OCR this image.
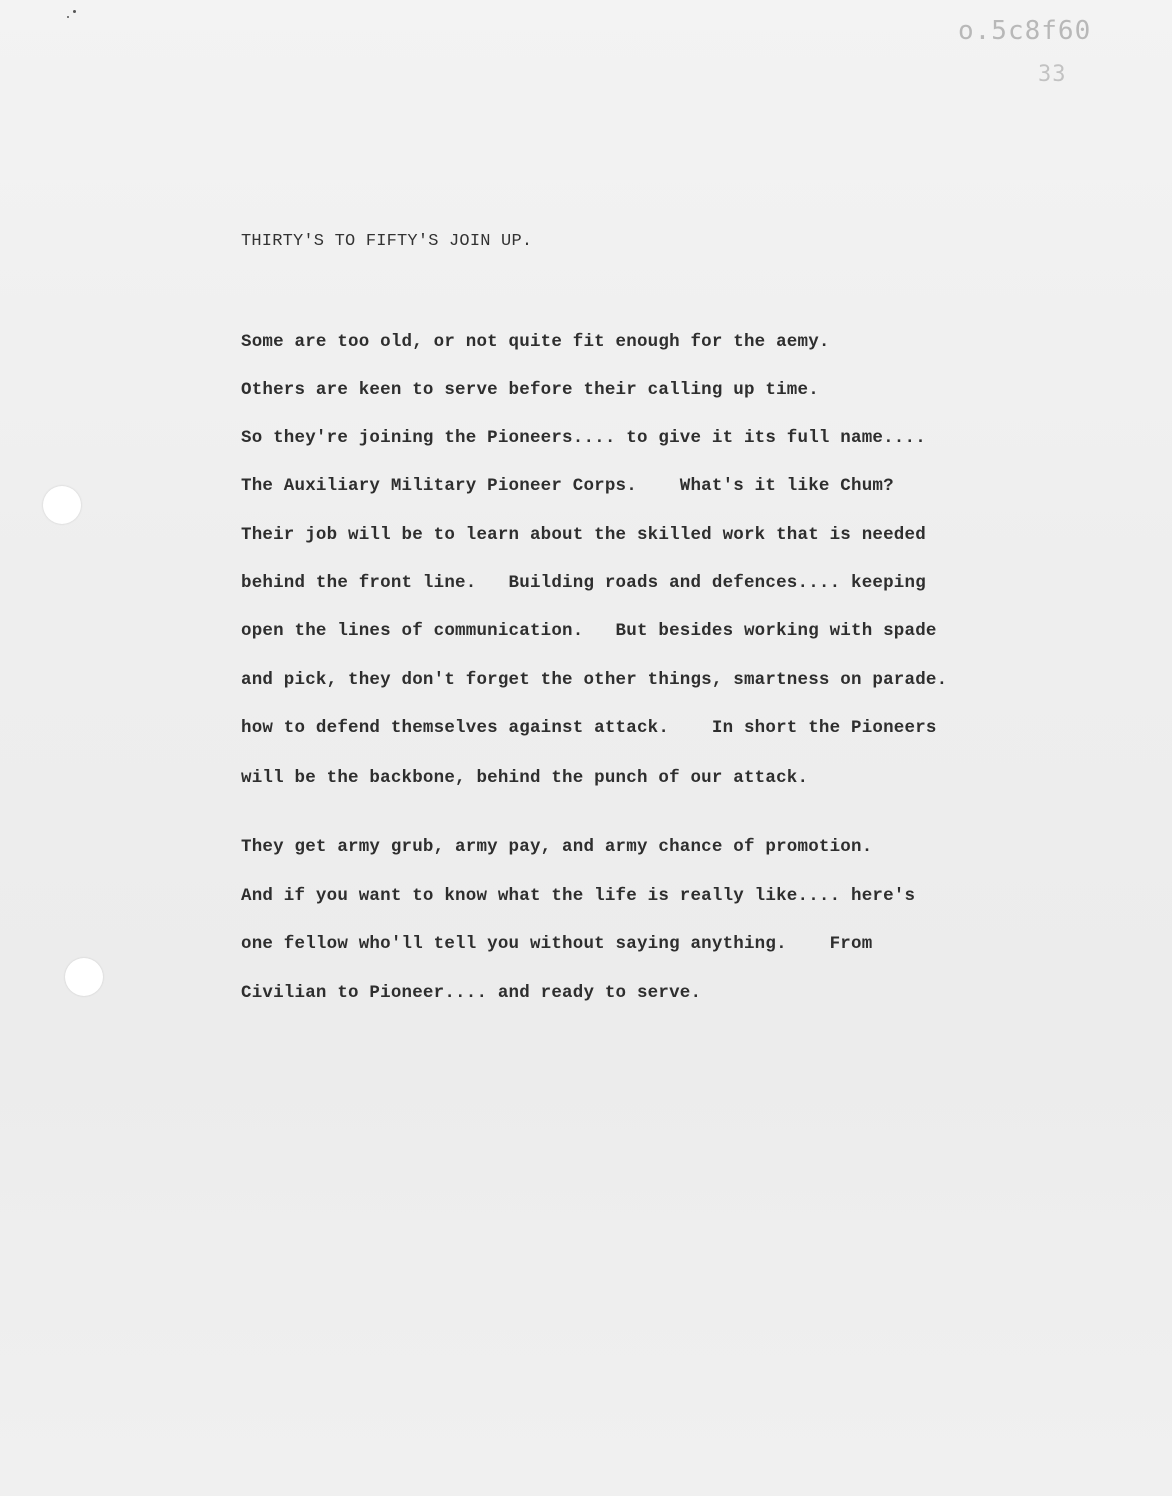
o.5c8f60
33
THIRTY'S TO FIFTY'S JOIN UP.
Some are too old, or not quite fit enough for the aemy.
Others are keen to serve before their calling up time.
So they're joining the Pioneers.... to give it its full name....
The Auxiliary Military Pioneer Corps.    What's it like Chum?
Their job will be to learn about the skilled work that is needed
behind the front line.   Building roads and defences.... keeping
open the lines of communication.   But besides working with spade
and pick, they don't forget the other things, smartness on parade.
how to defend themselves against attack.    In short the Pioneers
will be the backbone, behind the punch of our attack.
They get army grub, army pay, and army chance of promotion.
And if you want to know what the life is really like.... here's
one fellow who'll tell you without saying anything.    From
Civilian to Pioneer.... and ready to serve.
